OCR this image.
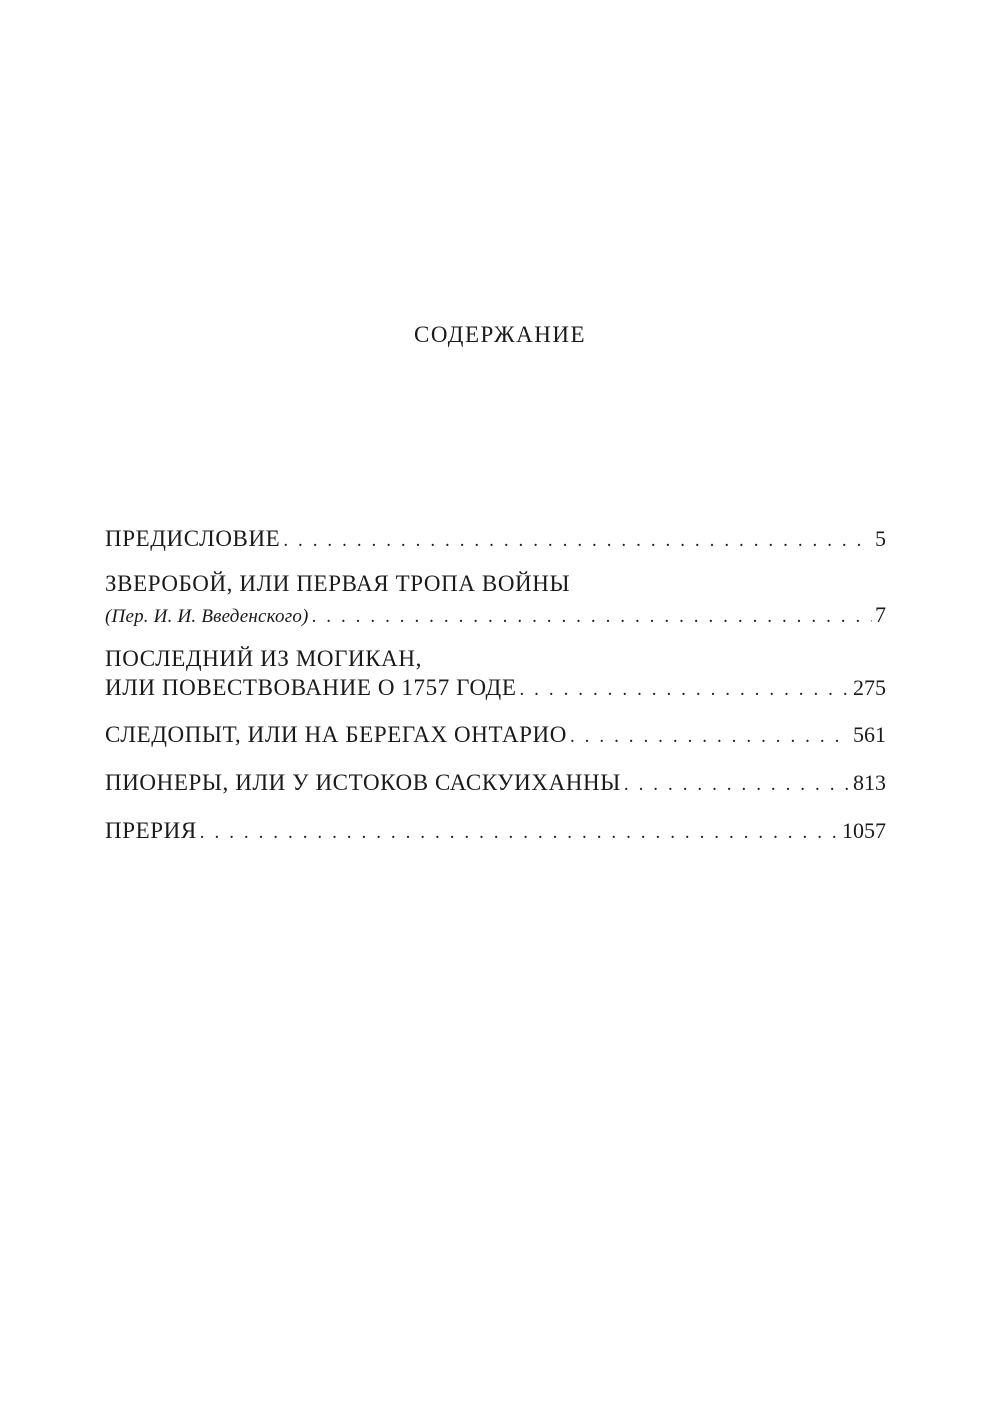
СОДЕРЖАНИЕ
ПРЕДИСЛОВИЕ . . .	5
ЗВЕРОБОЙ, ИЛИ ПЕРВАЯ ТРОПА ВОЙНЫ
(Пер. И. И. Введенского) . . .	7
ПОСЛЕДНИЙ ИЗ МОГИКАН,
ИЛИ ПОВЕСТВОВАНИЕ О 1757 ГОДЕ . . .	275
СЛЕДОПЫТ, ИЛИ НА БЕРЕГАХ ОНТАРИО . . .	561
ПИОНЕРЫ, ИЛИ У ИСТОКОВ САСКУИХАННЫ . . .	813
ПРЕРИЯ . . .	1057
